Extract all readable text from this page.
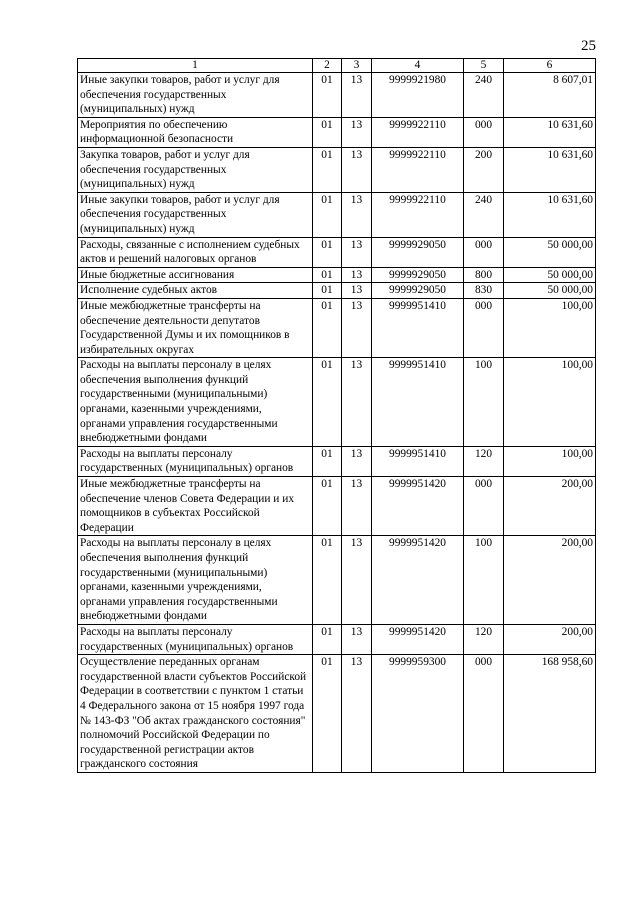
25
1	2	3	4	5	6
Иные закупки товаров, работ и услуг для обеспечения государственных (муниципальных) нужд	01	13	9999921980	240	8 607,01
Мероприятия по обеспечению информационной безопасности	01	13	9999922110	000	10 631,60
Закупка товаров, работ и услуг для обеспечения государственных (муниципальных) нужд	01	13	9999922110	200	10 631,60
Иные закупки товаров, работ и услуг для обеспечения государственных (муниципальных) нужд	01	13	9999922110	240	10 631,60
Расходы, связанные с исполнением судебных актов и решений налоговых органов	01	13	9999929050	000	50 000,00
Иные бюджетные ассигнования	01	13	9999929050	800	50 000,00
Исполнение судебных актов	01	13	9999929050	830	50 000,00
Иные межбюджетные трансферты на обеспечение деятельности депутатов Государственной Думы и их помощников в избирательных округах	01	13	9999951410	000	100,00
Расходы на выплаты персоналу в целях обеспечения выполнения функций государственными (муниципальными) органами, казенными учреждениями, органами управления государственными внебюджетными фондами	01	13	9999951410	100	100,00
Расходы на выплаты персоналу государственных (муниципальных) органов	01	13	9999951410	120	100,00
Иные межбюджетные трансферты на обеспечение членов Совета Федерации и их помощников в субъектах Российской Федерации	01	13	9999951420	000	200,00
Расходы на выплаты персоналу в целях обеспечения выполнения функций государственными (муниципальными) органами, казенными учреждениями, органами управления государственными внебюджетными фондами	01	13	9999951420	100	200,00
Расходы на выплаты персоналу государственных (муниципальных) органов	01	13	9999951420	120	200,00
Осуществление переданных органам государственной власти субъектов Российской Федерации в соответствии с пунктом 1 статьи 4 Федерального закона от 15 ноября 1997 года № 143-ФЗ "Об актах гражданского состояния" полномочий Российской Федерации по государственной регистрации актов гражданского состояния	01	13	9999959300	000	168 958,60
